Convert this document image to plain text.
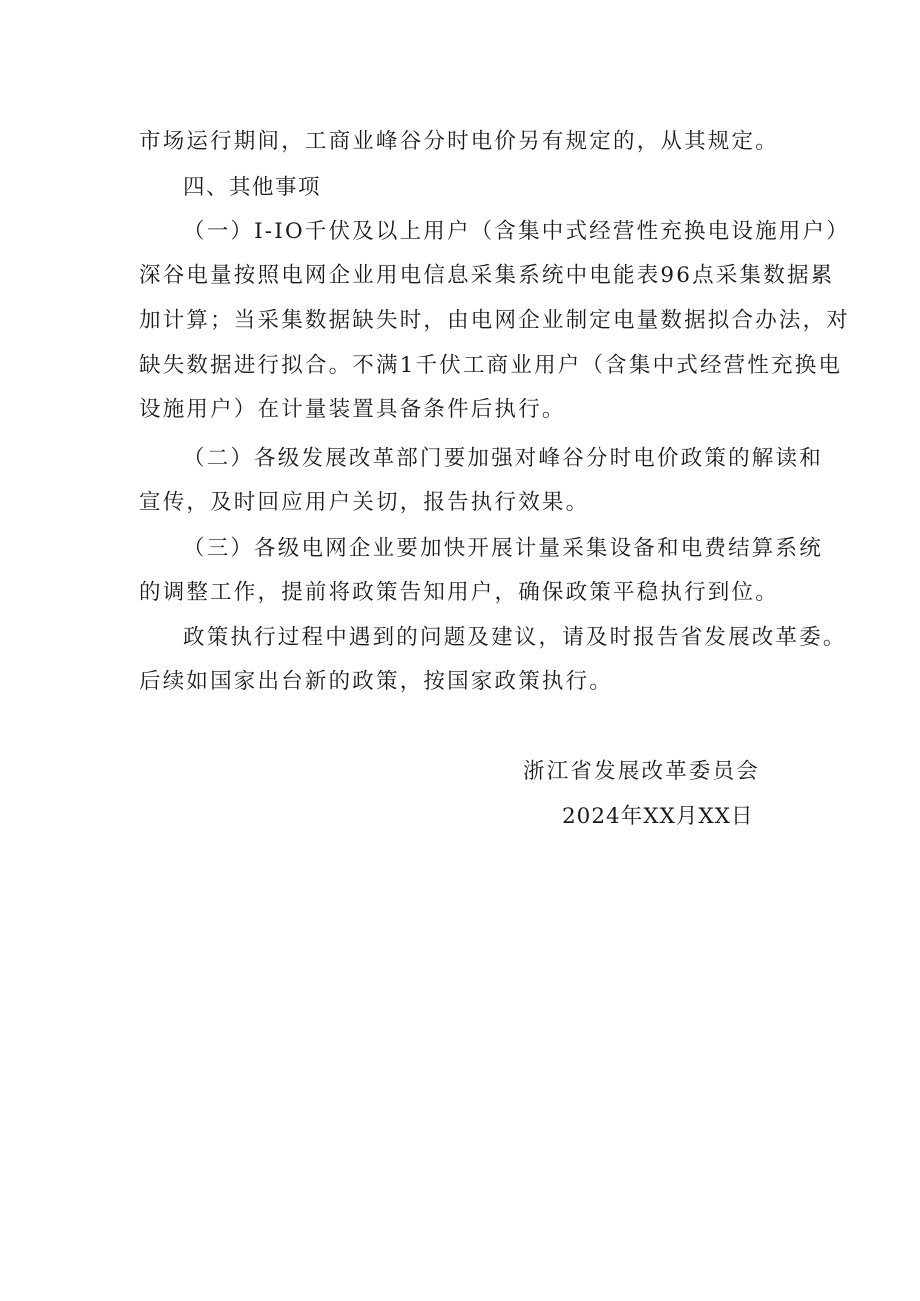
市场运行期间，工商业峰谷分时电价另有规定的，从其规定。
四、其他事项
（一）I-IO千伏及以上用户（含集中式经营性充换电设施用户）
深谷电量按照电网企业用电信息采集系统中电能表96点采集数据累
加计算；当采集数据缺失时，由电网企业制定电量数据拟合办法，对
缺失数据进行拟合。不满1千伏工商业用户（含集中式经营性充换电
设施用户）在计量装置具备条件后执行。
（二）各级发展改革部门要加强对峰谷分时电价政策的解读和
宣传，及时回应用户关切，报告执行效果。
（三）各级电网企业要加快开展计量采集设备和电费结算系统
的调整工作，提前将政策告知用户，确保政策平稳执行到位。
政策执行过程中遇到的问题及建议，请及时报告省发展改革委。
后续如国家出台新的政策，按国家政策执行。
浙江省发展改革委员会
2024年XX月XX日
